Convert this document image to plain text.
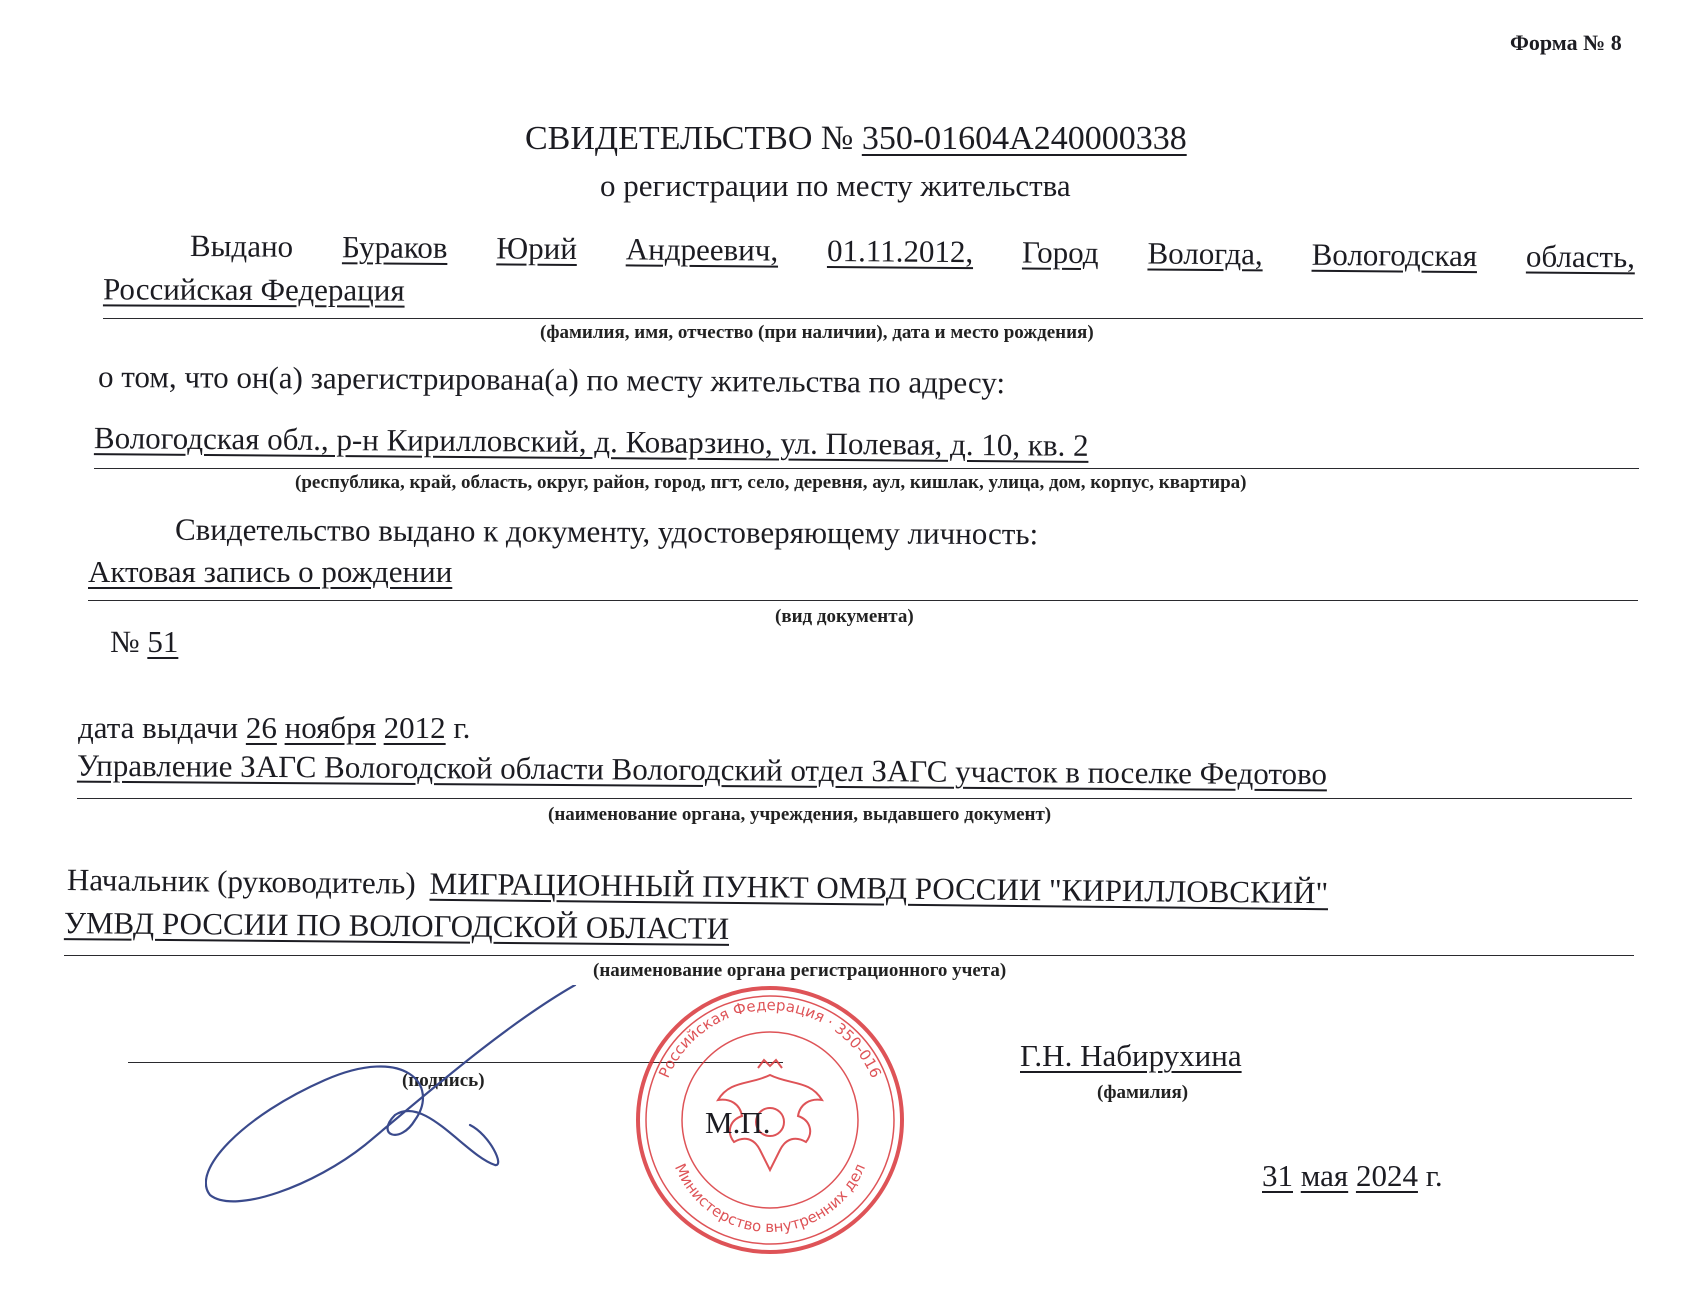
Форма № 8
СВИДЕТЕЛЬСТВО № 350-01604А240000338
о регистрации по месту жительства
Выдано Бураков Юрий Андреевич, 01.11.2012, Город Вологда, Вологодская область,
Российская Федерация
(фамилия, имя, отчество (при наличии), дата и место рождения)
о том, что он(а) зарегистрирована(а) по месту жительства по адресу:
Вологодская обл., р-н Кирилловский, д. Коварзино, ул. Полевая, д. 10, кв. 2
(республика, край, область, округ, район, город, пгт, село, деревня, аул, кишлак, улица, дом, корпус, квартира)
Свидетельство выдано к документу, удостоверяющему личность:
Актовая запись о рождении
(вид документа)
№ 51
дата выдачи 26 ноября 2012 г.
Управление ЗАГС Вологодской области Вологодский отдел ЗАГС участок в поселке Федотово
(наименование органа, учреждения, выдавшего документ)
Начальник (руководитель) МИГРАЦИОННЫЙ ПУНКТ ОМВД РОССИИ "КИРИЛЛОВСКИЙ"
УМВД РОССИИ ПО ВОЛОГОДСКОЙ ОБЛАСТИ
(наименование органа регистрационного учета)
(подпись)	Российская Федерация · 350-016
Министерство внутренних дел
М.П.
Г.Н. Набирухина
(фамилия)
31 мая 2024 г.
